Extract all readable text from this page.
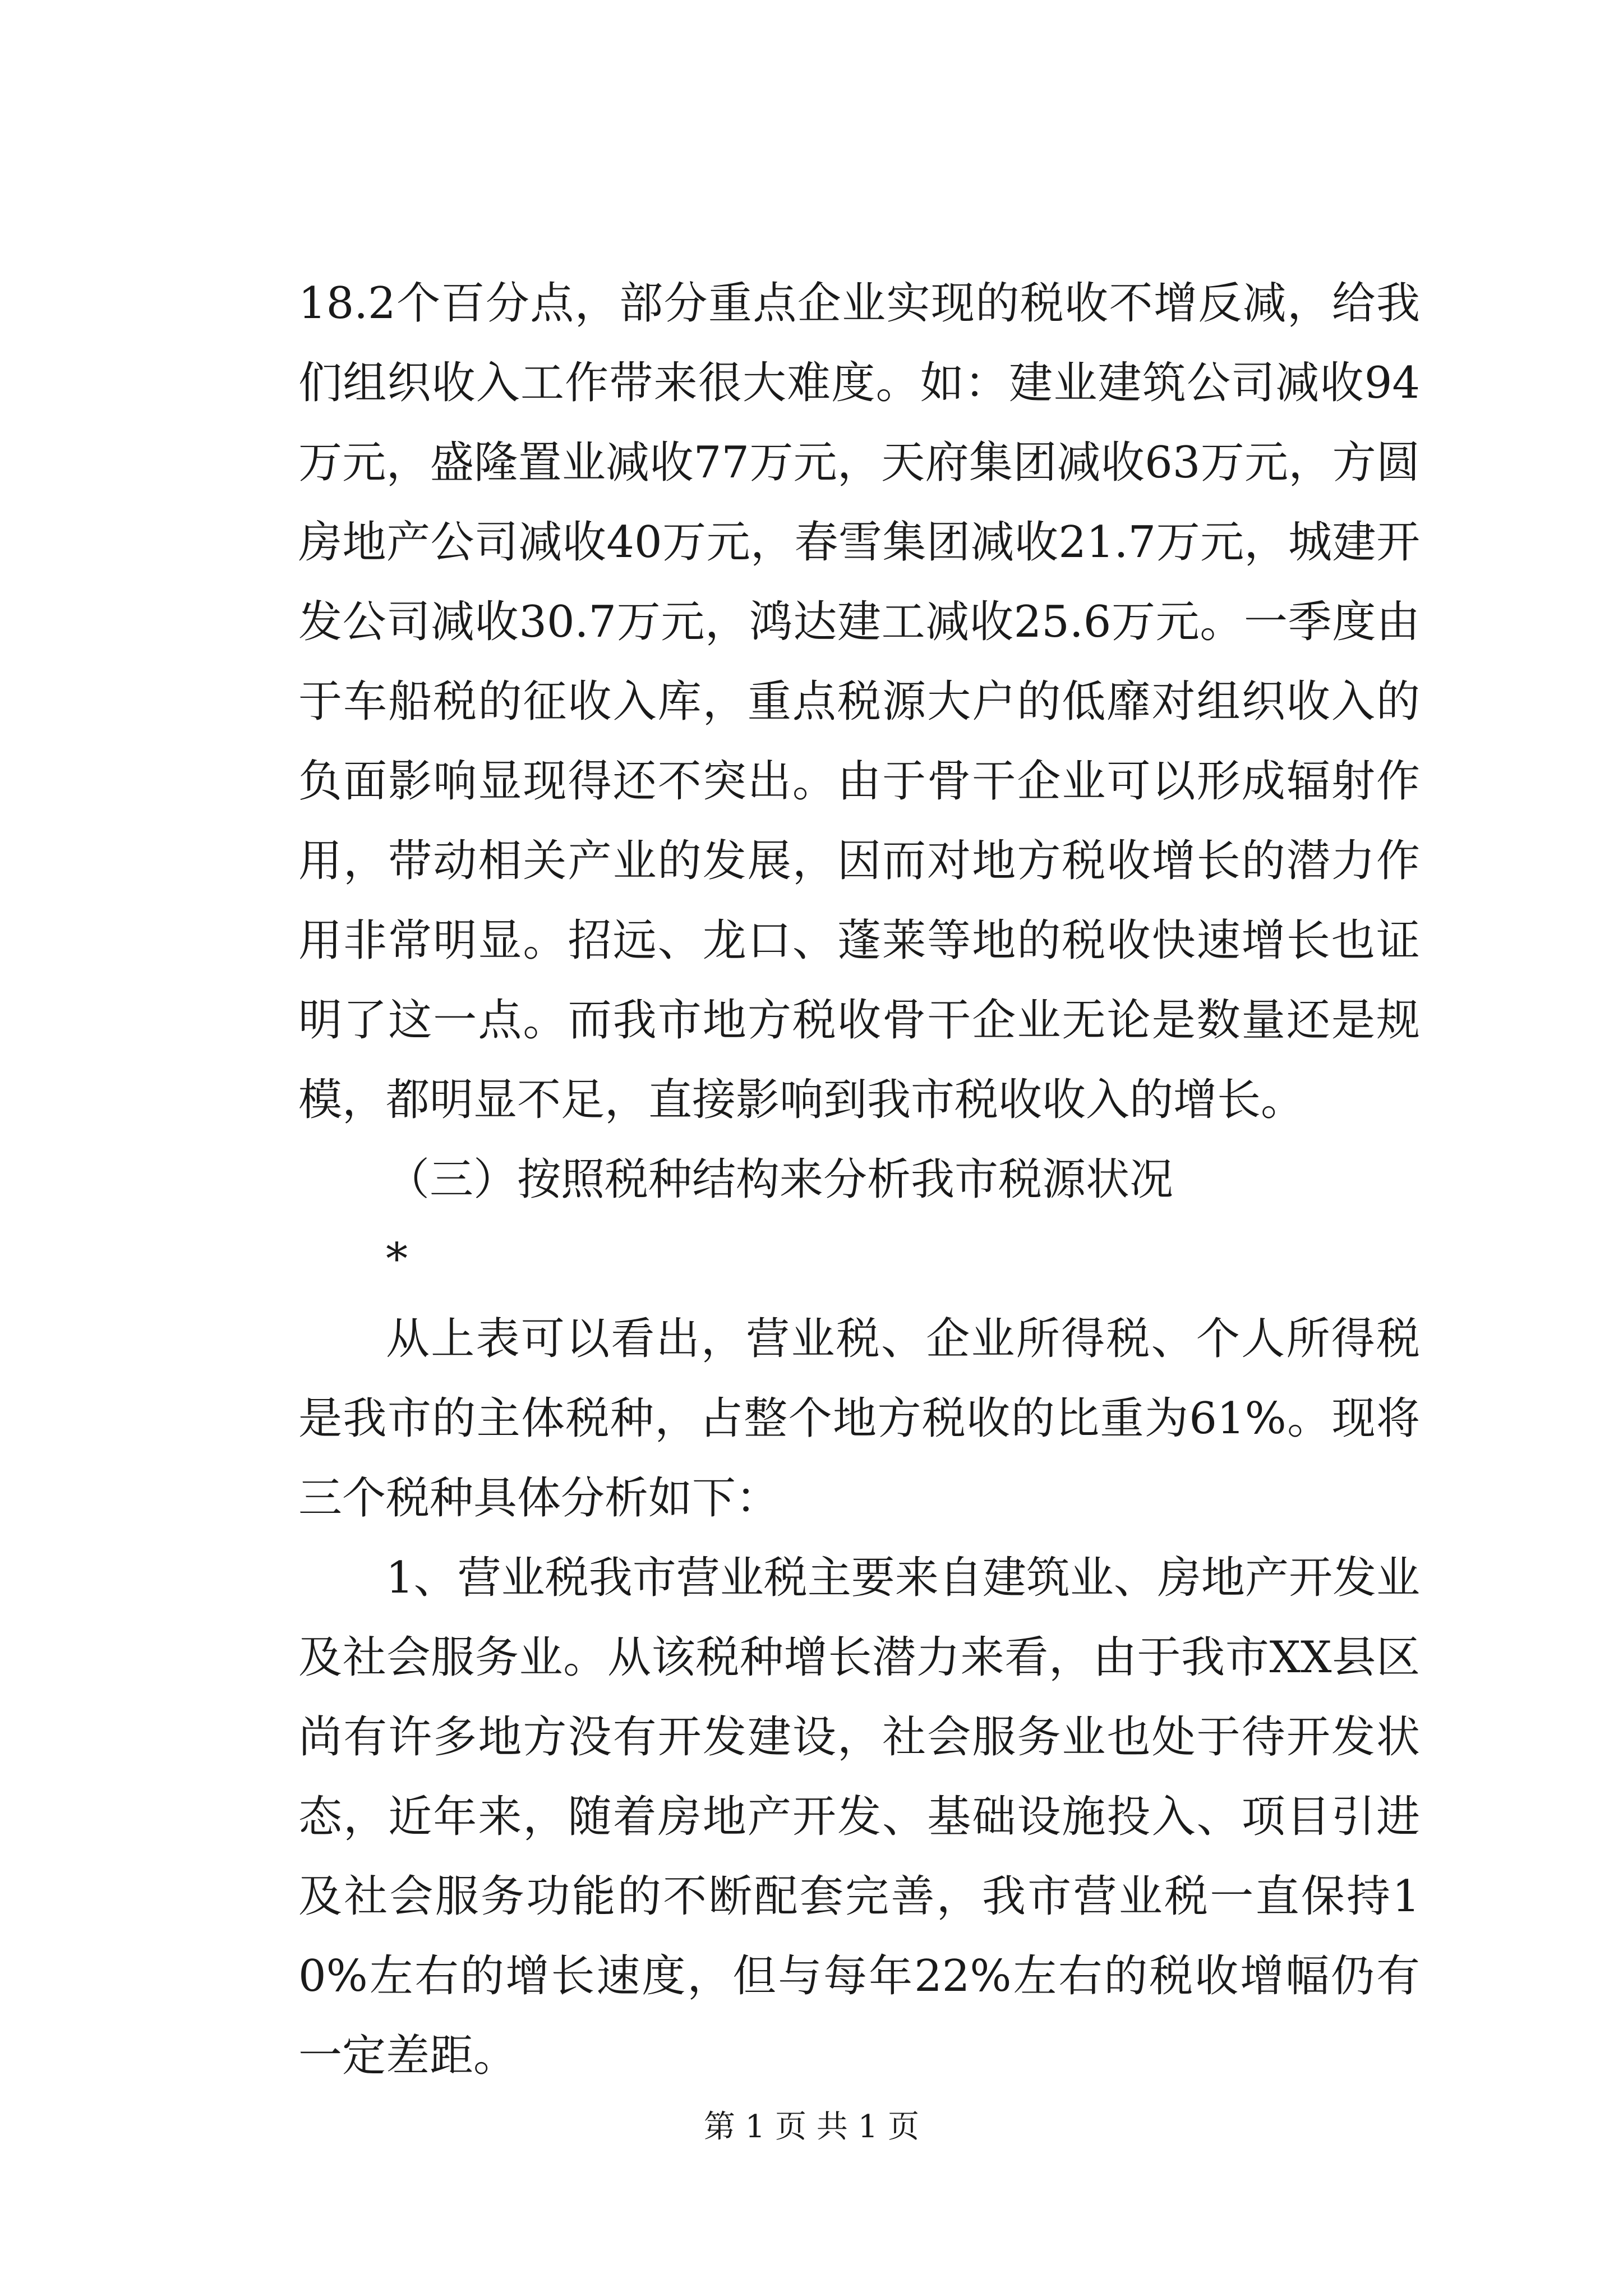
18.2个百分点，部分重点企业实现的税收不增反减，给我们组织收入工作带来很大难度。如：建业建筑公司减收94万元，盛隆置业减收77万元，天府集团减收63万元，方圆房地产公司减收40万元，春雪集团减收21.7万元，城建开发公司减收30.7万元，鸿达建工减收25.6万元。一季度由于车船税的征收入库，重点税源大户的低靡对组织收入的负面影响显现得还不突出。由于骨干企业可以形成辐射作用，带动相关产业的发展，因而对地方税收增长的潜力作用非常明显。招远、龙口、蓬莱等地的税收快速增长也证明了这一点。而我市地方税收骨干企业无论是数量还是规模，都明显不足，直接影响到我市税收收入的增长。

（三）按照税种结构来分析我市税源状况

*

从上表可以看出，营业税、企业所得税、个人所得税是我市的主体税种，占整个地方税收的比重为61%。现将三个税种具体分析如下：

1、营业税我市营业税主要来自建筑业、房地产开发业及社会服务业。从该税种增长潜力来看，由于我市XX县区尚有许多地方没有开发建设，社会服务业也处于待开发状态，近年来，随着房地产开发、基础设施投入、项目引进及社会服务功能的不断配套完善，我市营业税一直保持10%左右的增长速度，但与每年22%左右的税收增幅仍有一定差距。

第 1 页 共 1 页
